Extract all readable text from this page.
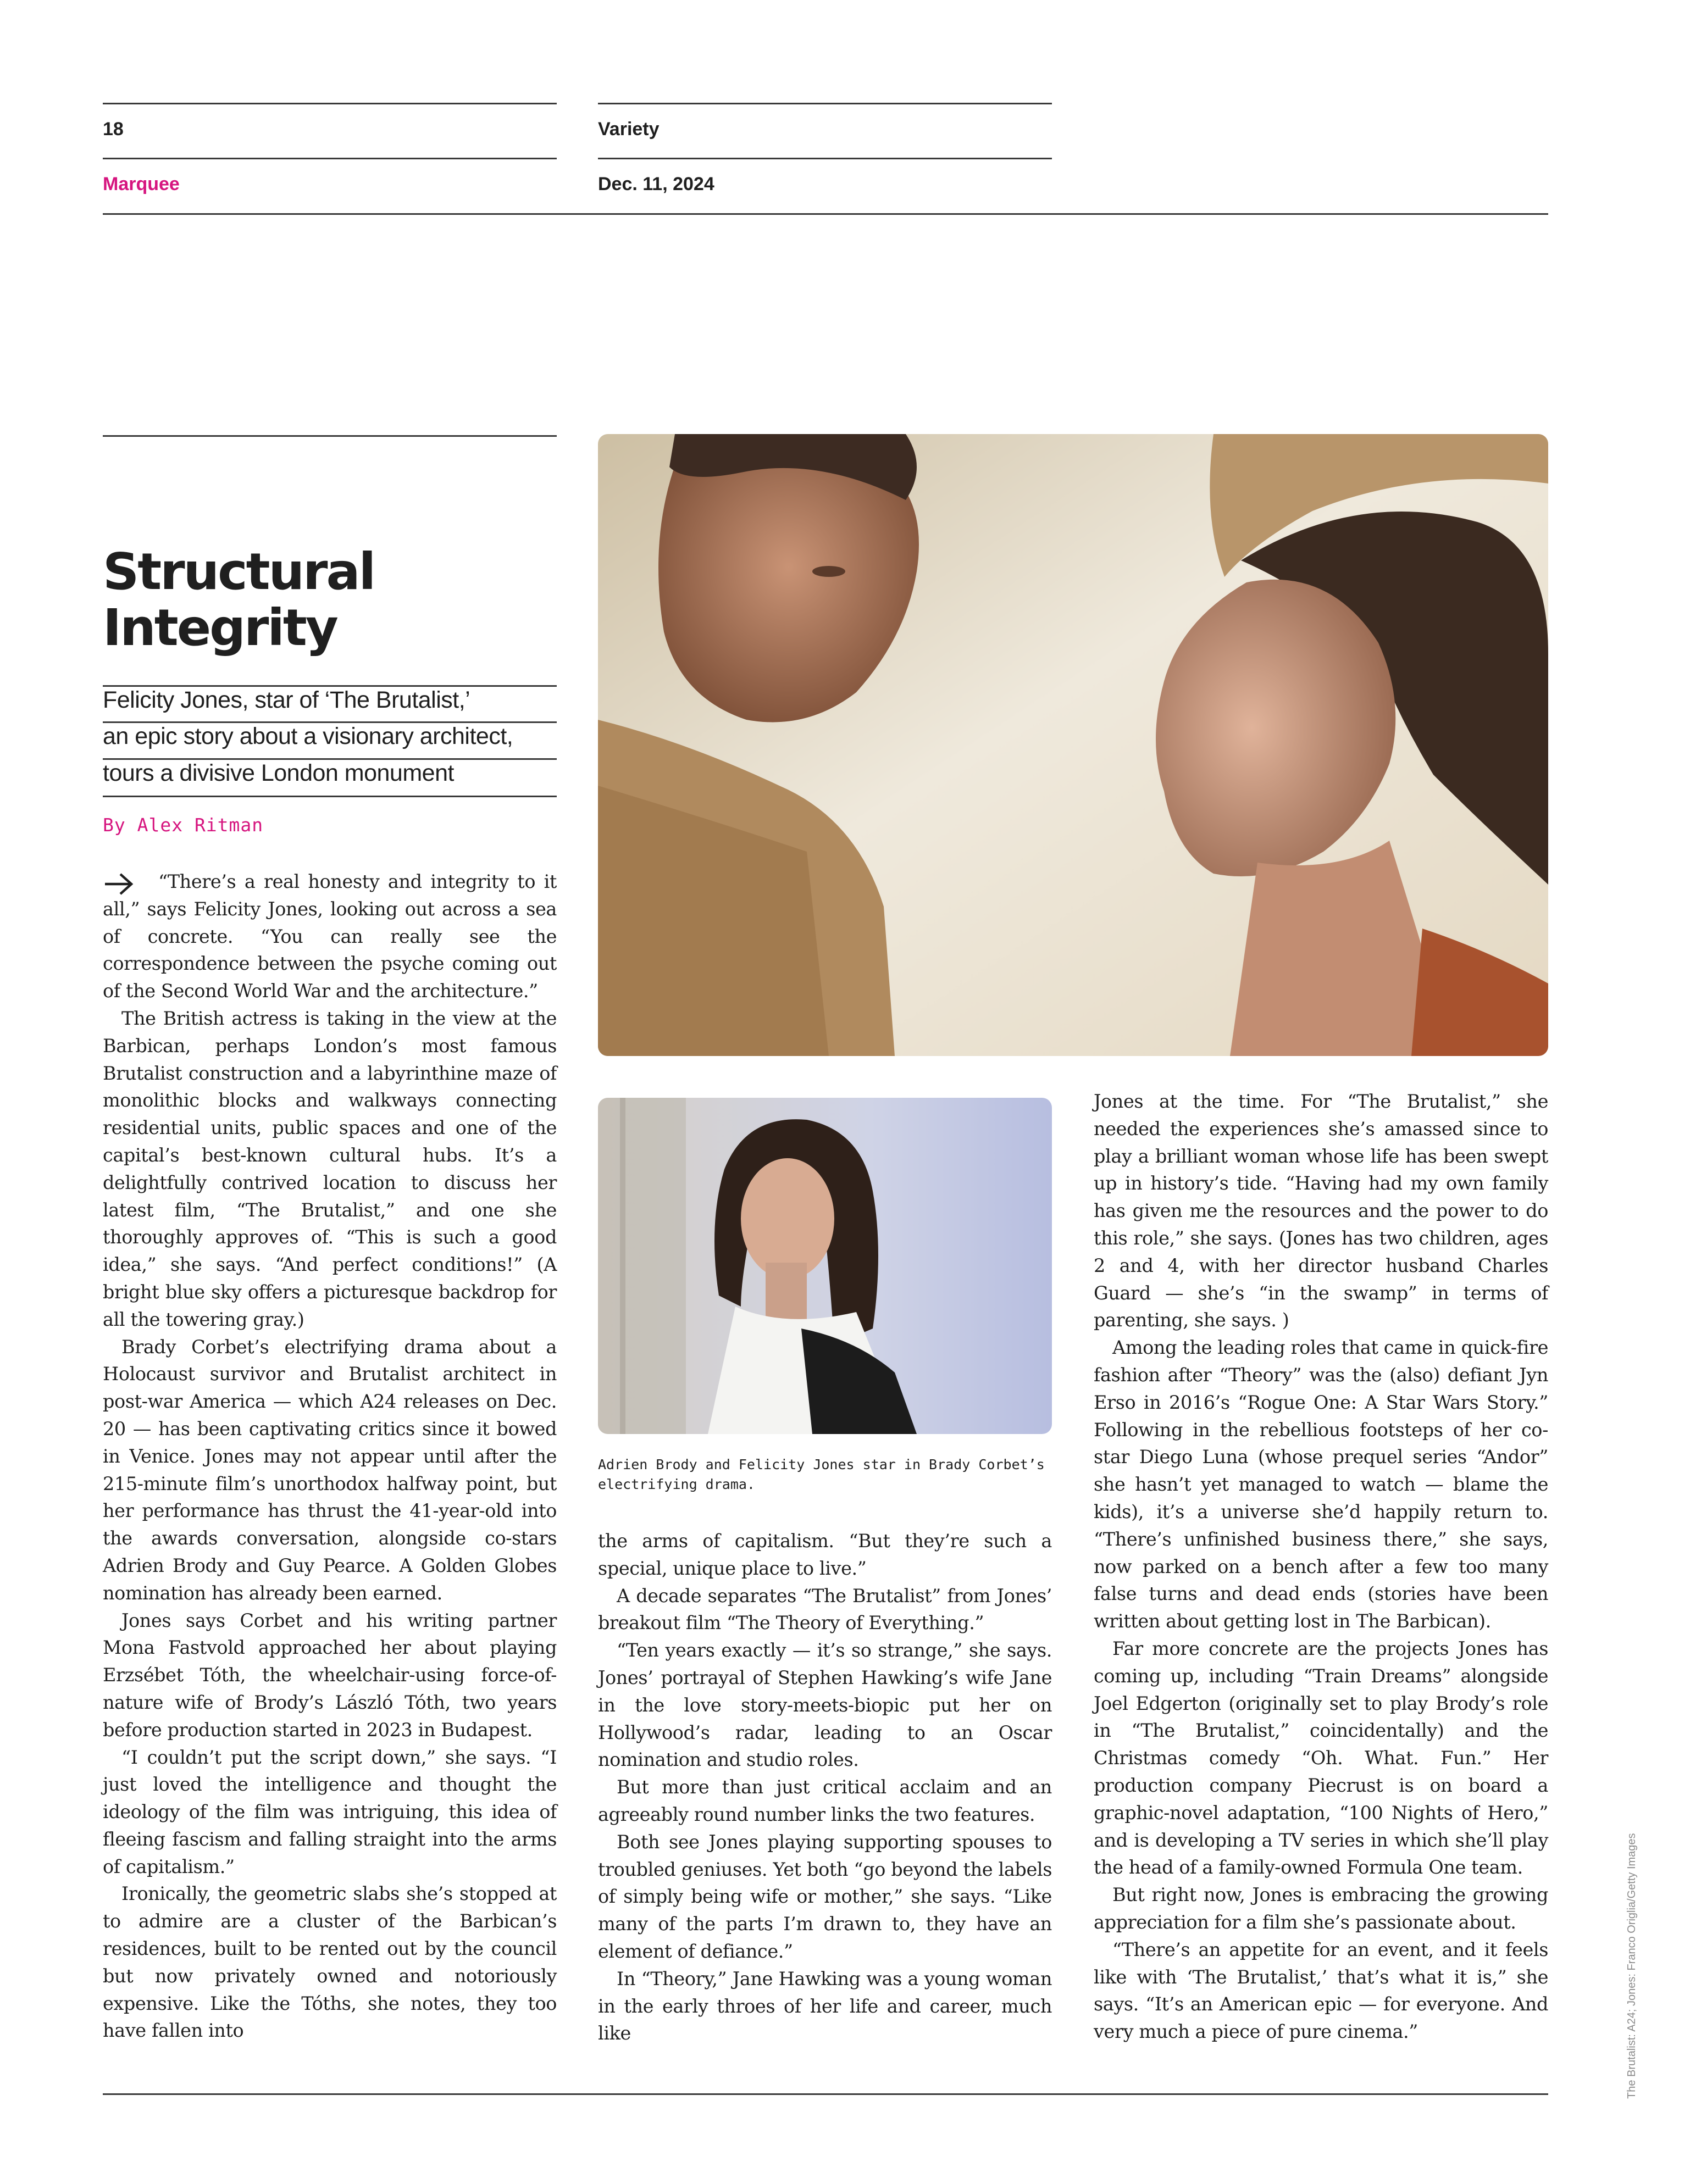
18	Variety
Marquee	Dec. 11, 2024
Structural
Integrity
Felicity Jones, star of ‘The Brutalist,’
an epic story about a visionary architect,
tours a divisive London monument
By Alex Ritman

“There’s a real honesty and integrity to it all,” says Felicity Jones, looking out across a sea of concrete. “You can really see the correspondence between the psyche coming out of the Second World War and the architecture.”

The British actress is taking in the view at the Barbican, perhaps London’s most famous Brutalist construction and a labyrinthine maze of monolithic blocks and walkways connecting residential units, public spaces and one of the capital’s best-known cultural hubs. It’s a delightfully contrived location to discuss her latest film, “The Brutalist,” and one she thoroughly approves of. “This is such a good idea,” she says. “And perfect conditions!” (A bright blue sky offers a picturesque backdrop for all the towering gray.)

Brady Corbet’s electrifying drama about a Holocaust survivor and Brutalist architect in post-war America — which A24 releases on Dec. 20 — has been captivating critics since it bowed in Venice. Jones may not appear until after the 215-minute film’s unorthodox halfway point, but her performance has thrust the 41-year-old into the awards conversation, alongside co-stars Adrien Brody and Guy Pearce. A Golden Globes nomination has already been earned.

Jones says Corbet and his writing partner Mona Fastvold approached her about playing Erzsébet Tóth, the wheelchair-using force-of-nature wife of Brody’s László Tóth, two years before production started in 2023 in Budapest.

“I couldn’t put the script down,” she says. “I just loved the intelligence and thought the ideology of the film was intriguing, this idea of fleeing fascism and falling straight into the arms of capitalism.”

Ironically, the geometric slabs she’s stopped at to admire are a cluster of the Barbican’s residences, built to be rented out by the council but now privately owned and notoriously expensive. Like the Tóths, she notes, they too have fallen into

Adrien Brody and Felicity Jones star in Brady Corbet’s electrifying drama.

the arms of capitalism. “But they’re such a special, unique place to live.”

A decade separates “The Brutalist” from Jones’ breakout film “The Theory of Everything.”

“Ten years exactly — it’s so strange,” she says. Jones’ portrayal of Stephen Hawking’s wife Jane in the love story-meets-biopic put her on Hollywood’s radar, leading to an Oscar nomination and studio roles.

But more than just critical acclaim and an agreeably round number links the two features.

Both see Jones playing supporting spouses to troubled geniuses. Yet both “go beyond the labels of simply being wife or mother,” she says. “Like many of the parts I’m drawn to, they have an element of defiance.”

In “Theory,” Jane Hawking was a young woman in the early throes of her life and career, much like

Jones at the time. For “The Brutalist,” she needed the experiences she’s amassed since to play a brilliant woman whose life has been swept up in history’s tide. “Having had my own family has given me the resources and the power to do this role,” she says. (Jones has two children, ages 2 and 4, with her director husband Charles Guard — she’s “in the swamp” in terms of parenting, she says. )

Among the leading roles that came in quick-fire fashion after “Theory” was the (also) defiant Jyn Erso in 2016’s “Rogue One: A Star Wars Story.” Following in the rebellious footsteps of her co-star Diego Luna (whose prequel series “Andor” she hasn’t yet managed to watch — blame the kids), it’s a universe she’d happily return to. “There’s unfinished business there,” she says, now parked on a bench after a few too many false turns and dead ends (stories have been written about getting lost in The Barbican).

Far more concrete are the projects Jones has coming up, including “Train Dreams” alongside Joel Edgerton (originally set to play Brody’s role in “The Brutalist,” coincidentally) and the Christmas comedy “Oh. What. Fun.” Her production company Piecrust is on board a graphic-novel adaptation, “100 Nights of Hero,” and is developing a TV series in which she’ll play the head of a family-owned Formula One team.

But right now, Jones is embracing the growing appreciation for a film she’s passionate about.

“There’s an appetite for an event, and it feels like with ‘The Brutalist,’ that’s what it is,” she says. “It’s an American epic — for everyone. And very much a piece of pure cinema.”	The Brutalist: A24; Jones: Franco Origlia/Getty Images
